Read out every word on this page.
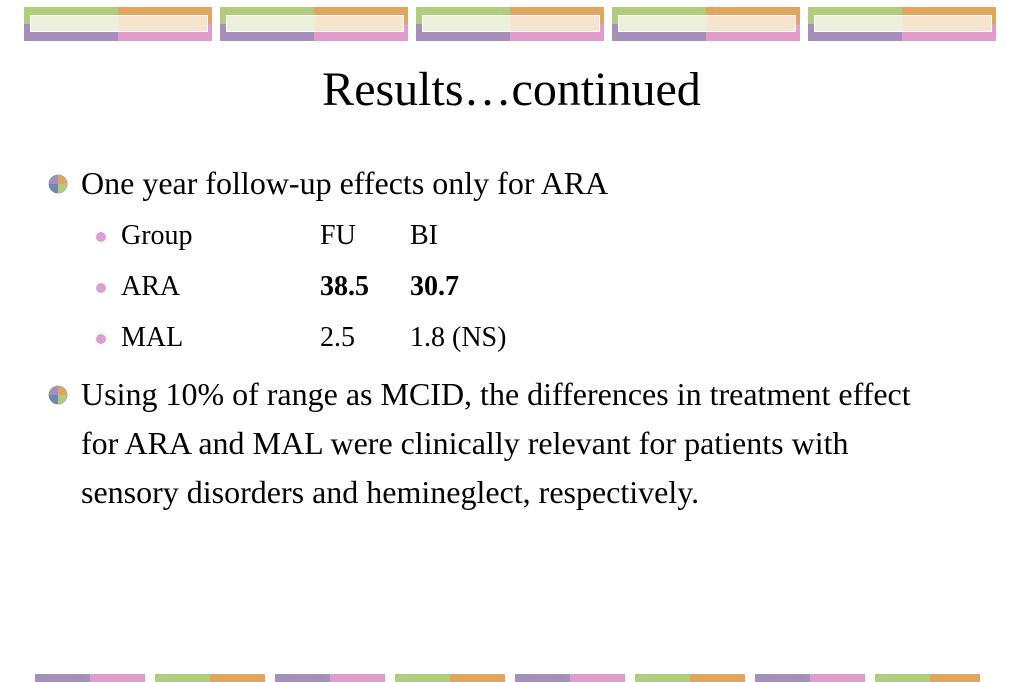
Results…continued
One year follow-up effects only for ARA
Group	FU BI
ARA	38.5 30.7
MAL	2.5 1.8 (NS)
Using 10% of range as MCID, the differences in treatment effect for ARA and MAL were clinically relevant for patients with sensory disorders and hemineglect, respectively.
